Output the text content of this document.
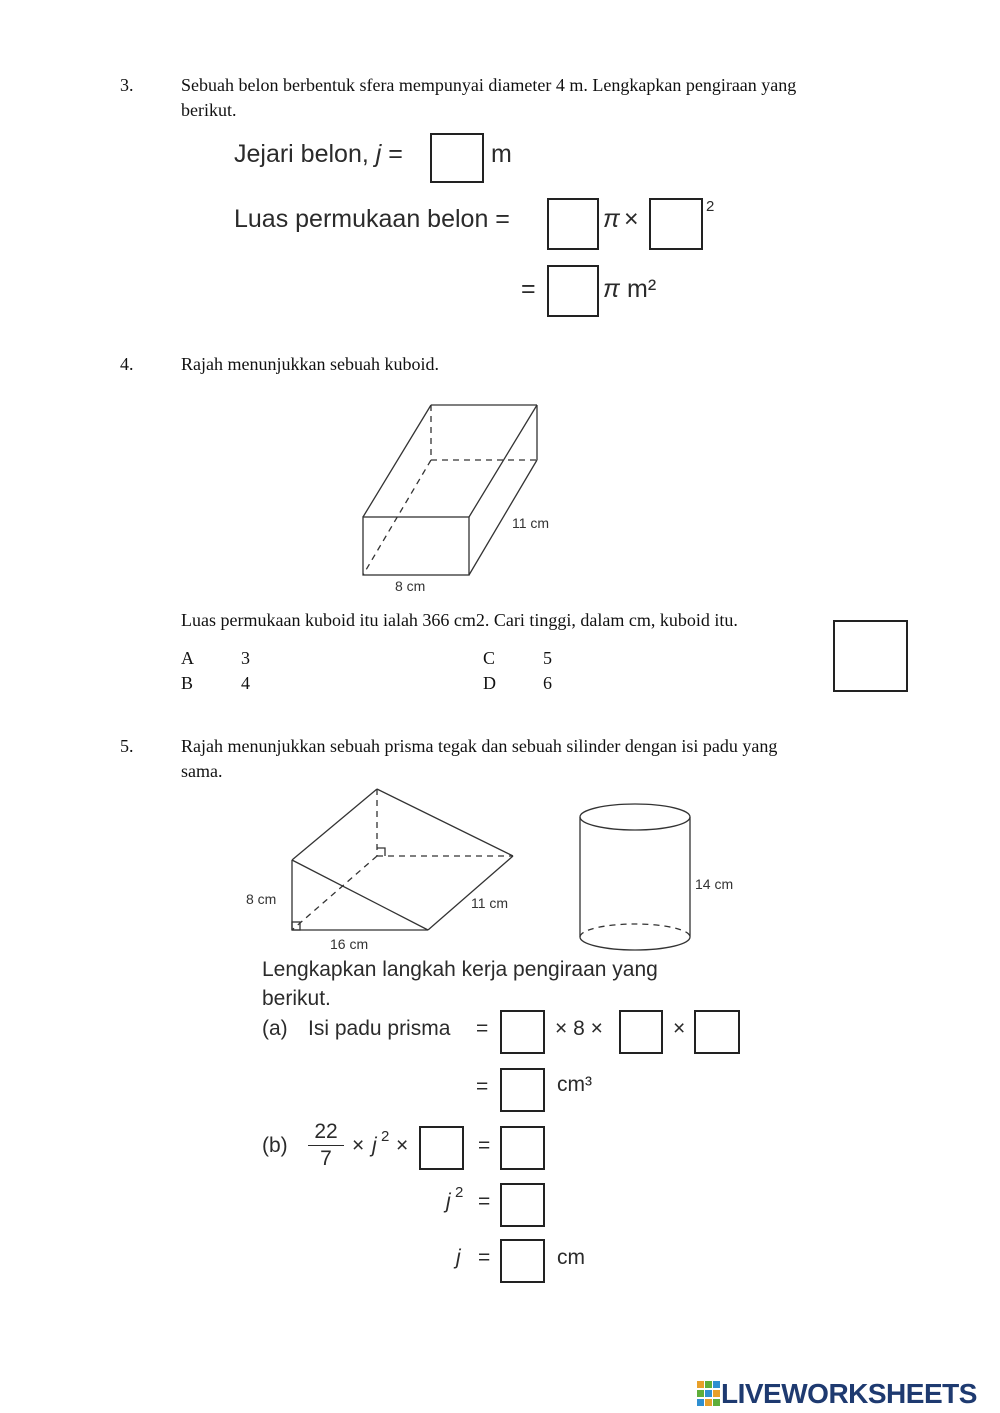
3.	Sebuah belon berbentuk sfera mempunyai diameter 4 m. Lengkapkan pengiraan yang
berikut.
Jejari belon, j =	m
Luas permukaan belon =	π ×	2
=	π m²
4.	Rajah menunjukkan sebuah kuboid.
11 cm
8 cm
Luas permukaan kuboid itu ialah 366 cm2. Cari tinggi, dalam cm, kuboid itu.
A	3
B	4
C	5
D	6
5.	Rajah menunjukkan sebuah prisma tegak dan sebuah silinder dengan isi padu yang
sama.
8 cm	11 cm
16 cm
14 cm
Lengkapkan langkah kerja pengiraan yang
berikut.
(a) Isi padu prisma =	× 8 ×	×
=	cm³
(b)
22
7
× j 2 ×	=
j 2 =
j =	cm
LIVEWORKSHEETS
